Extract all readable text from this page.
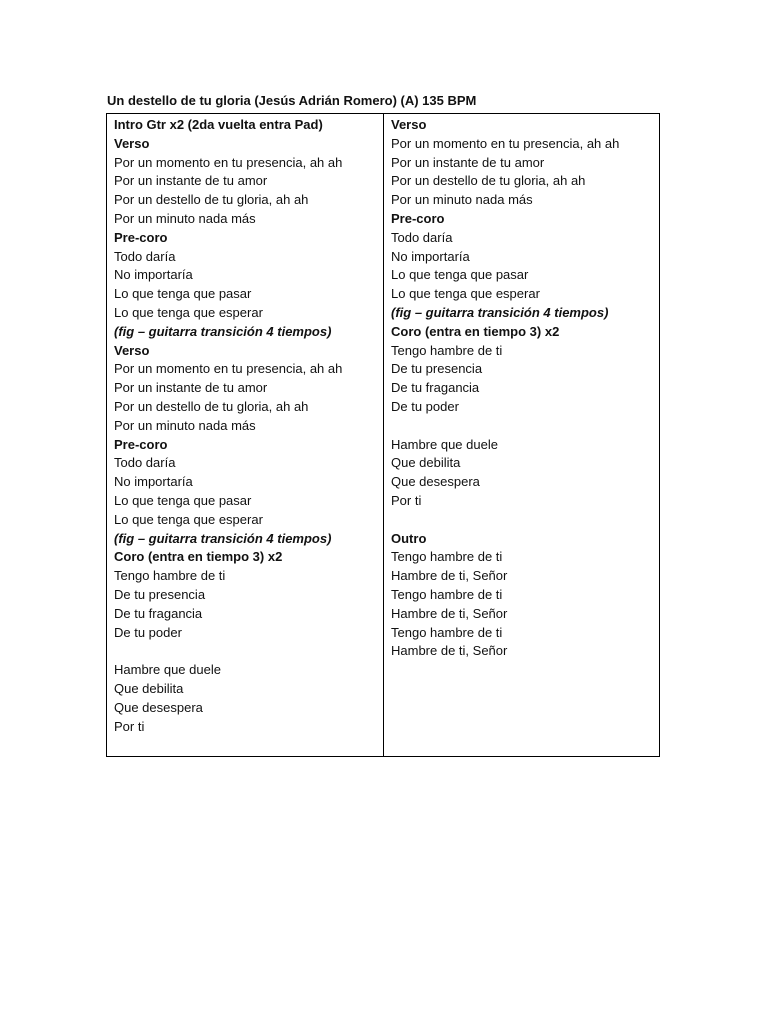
Un destello de tu gloria (Jesús Adrián Romero) (A) 135 BPM
Intro Gtr x2 (2da vuelta entra Pad)
Verso
Por un momento en tu presencia, ah ah
Por un instante de tu amor
Por un destello de tu gloria, ah ah
Por un minuto nada más
Pre-coro
Todo daría
No importaría
Lo que tenga que pasar
Lo que tenga que esperar
(fig – guitarra transición 4 tiempos)
Verso
Por un momento en tu presencia, ah ah
Por un instante de tu amor
Por un destello de tu gloria, ah ah
Por un minuto nada más
Pre-coro
Todo daría
No importaría
Lo que tenga que pasar
Lo que tenga que esperar
(fig – guitarra transición 4 tiempos)
Coro (entra en tiempo 3) x2
Tengo hambre de ti
De tu presencia
De tu fragancia
De tu poder
Hambre que duele
Que debilita
Que desespera
Por ti
Verso
Por un momento en tu presencia, ah ah
Por un instante de tu amor
Por un destello de tu gloria, ah ah
Por un minuto nada más
Pre-coro
Todo daría
No importaría
Lo que tenga que pasar
Lo que tenga que esperar
(fig – guitarra transición 4 tiempos)
Coro (entra en tiempo 3) x2
Tengo hambre de ti
De tu presencia
De tu fragancia
De tu poder
Hambre que duele
Que debilita
Que desespera
Por ti
Outro
Tengo hambre de ti
Hambre de ti, Señor
Tengo hambre de ti
Hambre de ti, Señor
Tengo hambre de ti
Hambre de ti, Señor
